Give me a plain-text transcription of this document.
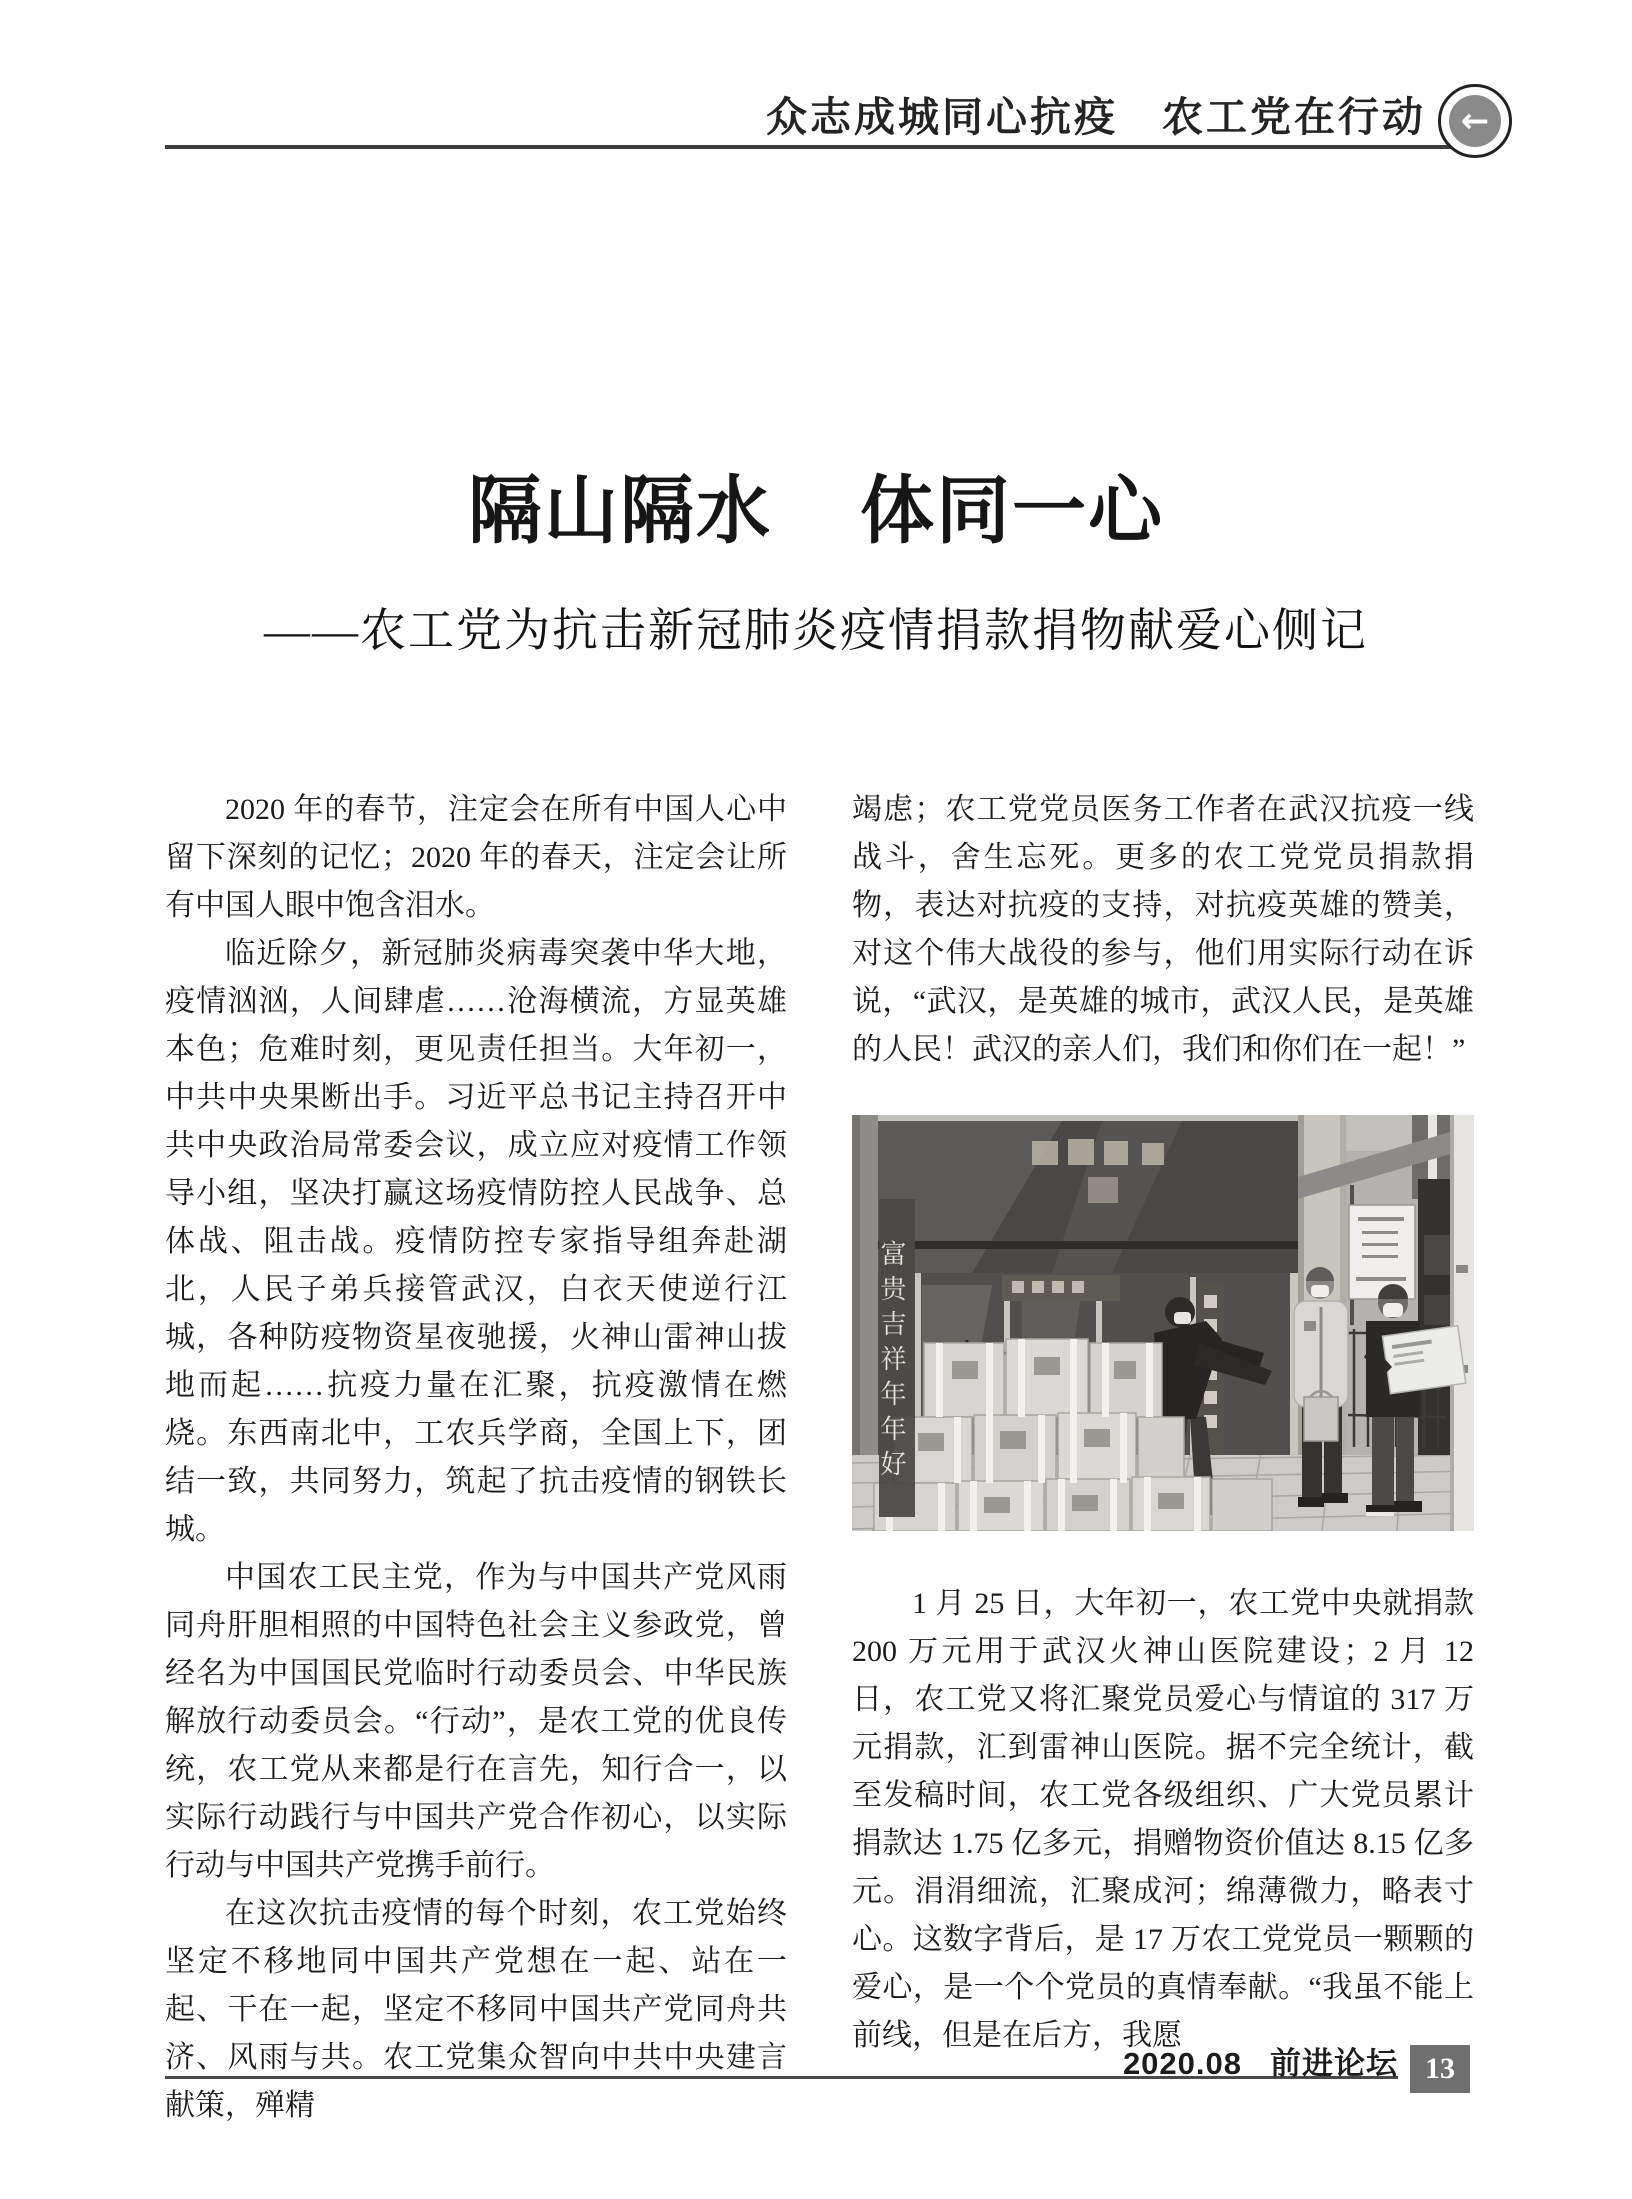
众志成城同心抗疫　农工党在行动	←
隔山隔水 体同一心
——农工党为抗击新冠肺炎疫情捐款捐物献爱心侧记

2020 年的春节，注定会在所有中国人心中留下深刻的记忆；2020 年的春天，注定会让所有中国人眼中饱含泪水。

临近除夕，新冠肺炎病毒突袭中华大地，疫情汹汹，人间肆虐……沧海横流，方显英雄本色；危难时刻，更见责任担当。大年初一，中共中央果断出手。习近平总书记主持召开中共中央政治局常委会议，成立应对疫情工作领导小组，坚决打赢这场疫情防控人民战争、总体战、阻击战。疫情防控专家指导组奔赴湖北，人民子弟兵接管武汉，白衣天使逆行江城，各种防疫物资星夜驰援，火神山雷神山拔地而起……抗疫力量在汇聚，抗疫激情在燃烧。东西南北中，工农兵学商，全国上下，团结一致，共同努力，筑起了抗击疫情的钢铁长城。

中国农工民主党，作为与中国共产党风雨同舟肝胆相照的中国特色社会主义参政党，曾经名为中国国民党临时行动委员会、中华民族解放行动委员会。“行动”，是农工党的优良传统，农工党从来都是行在言先，知行合一，以实际行动践行与中国共产党合作初心，以实际行动与中国共产党携手前行。

在这次抗击疫情的每个时刻，农工党始终坚定不移地同中国共产党想在一起、站在一起、干在一起，坚定不移同中国共产党同舟共济、风雨与共。农工党集众智向中共中央建言献策，殚精

竭虑；农工党党员医务工作者在武汉抗疫一线战斗，舍生忘死。更多的农工党党员捐款捐物，表达对抗疫的支持，对抗疫英雄的赞美，对这个伟大战役的参与，他们用实际行动在诉说，“武汉，是英雄的城市，武汉人民，是英雄的人民！武汉的亲人们，我们和你们在一起！”

富贵吉祥年年好

1 月 25 日，大年初一，农工党中央就捐款 200 万元用于武汉火神山医院建设；2 月 12 日，农工党又将汇聚党员爱心与情谊的 317 万元捐款，汇到雷神山医院。据不完全统计，截至发稿时间，农工党各级组织、广大党员累计捐款达 1.75 亿多元，捐赠物资价值达 8.15 亿多元。涓涓细流，汇聚成河；绵薄微力，略表寸心。这数字背后，是 17 万农工党党员一颗颗的爱心，是一个个党员的真情奉献。“我虽不能上前线，但是在后方，我愿

2020.08 前进论坛 13
